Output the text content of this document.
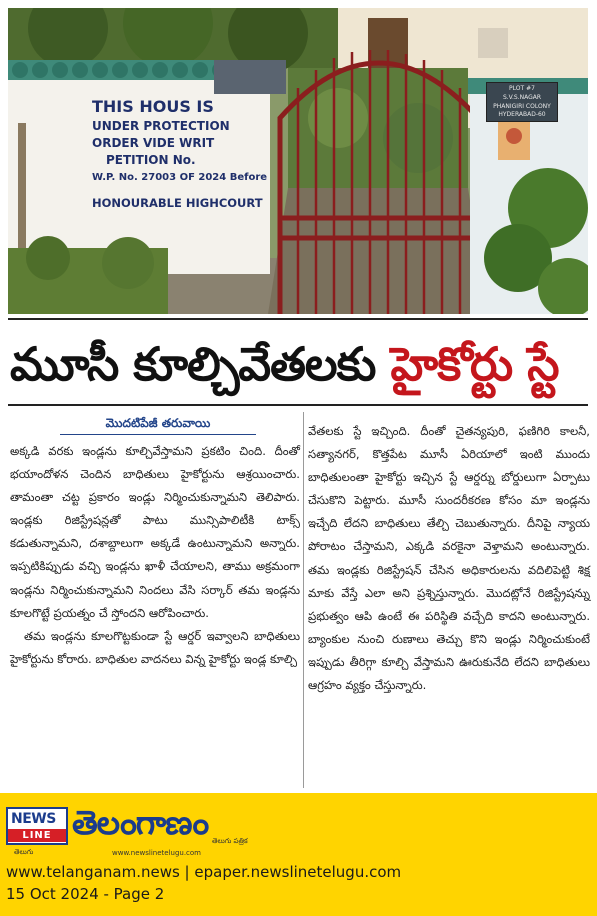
THIS HOUS IS
UNDER PROTECTION
ORDER VIDE WRIT
PETITION No.
W.P. No. 27003 OF 2024 Before
HONOURABLE HIGHCOURT
PLOT #7
S.V.S.NAGAR
PHANIGIRI COLONY
HYDERABAD-60
మూసీ కూల్చివేతలకు హైకోర్టు స్టే
మొదటిపేజీ తరువాయి

అక్కడి వరకు ఇండ్లను కూల్చివేస్తామని ప్రకటిం చింది. దీంతో భయాందోళన చెందిన బాధితులు హైకోర్టును ఆశ్రయించారు. తామంతా చట్ట ప్రకారం ఇండ్లు నిర్మించుకున్నామని తెలిపారు. ఇండ్లకు రిజిస్ట్రేషన్లతో పాటు మున్సిపాలిటీకి టాక్స్ కడుతున్నామని, దశాబ్దాలుగా అక్కడే ఉంటున్నామని అన్నారు. ఇప్పటికిప్పుడు వచ్చి ఇండ్లను ఖాళీ చేయాలని, తాము అక్రమంగా ఇండ్లను నిర్మించుకున్నామని నిందలు వేసి సర్కార్ తమ ఇండ్లను కూలగొట్టే ప్రయత్నం చే స్తోందని ఆరోపించారు.

తమ ఇండ్లను కూలగొట్టకుండా స్టే ఆర్డర్ ఇవ్వాలని బాధితులు హైకోర్టును కోరారు. బాధితుల వాదనలు విన్న హైకోర్టు ఇండ్ల కూల్చి

వేతలకు స్టే ఇచ్చింది. దీంతో చైతన్యపురి, ఫణిగిరి కాలనీ, సత్యానగర్, కొత్తపేట మూసీ ఏరియాలో ఇంటి ముందు బాధితులంతా హైకోర్టు ఇచ్చిన స్టే ఆర్డర్ను బోర్డులుగా ఏర్పాటు చేసుకొని పెట్టారు. మూసీ సుందరీకరణ కోసం మా ఇండ్లను ఇచ్చేది లేదని బాధితులు తేల్చి చెబుతున్నారు. దీనిపై న్యాయ పోరాటం చేస్తామని, ఎక్కడి వరకైనా వెళ్తామని అంటున్నారు. తమ ఇండ్లకు రిజిస్ట్రేషన్ చేసిన అధికారులను వదిలిపెట్టి శిక్ష మాకు వేస్తే ఎలా అని ప్రశ్నిస్తున్నారు. మొదట్లోనే రిజిస్ట్రేషన్ను ప్రభుత్వం ఆపి ఉంటే ఈ పరిస్థితి వచ్చేది కాదని అంటున్నారు. బ్యాంకుల నుంచి రుణాలు తెచ్చు కొని ఇండ్లు నిర్మించుకుంటే ఇప్పుడు తీరిగ్గా కూల్చి వేస్తామని ఊరుకునేది లేదని బాధితులు ఆగ్రహం వ్యక్తం చేస్తున్నారు.

NEWS
LINE తెలంగాణం
తెలుగు	www.newslinetelugu.com
తెలుగు పత్రిక
www.telanganam.news | epaper.newslinetelugu.com
15 Oct 2024 - Page 2
